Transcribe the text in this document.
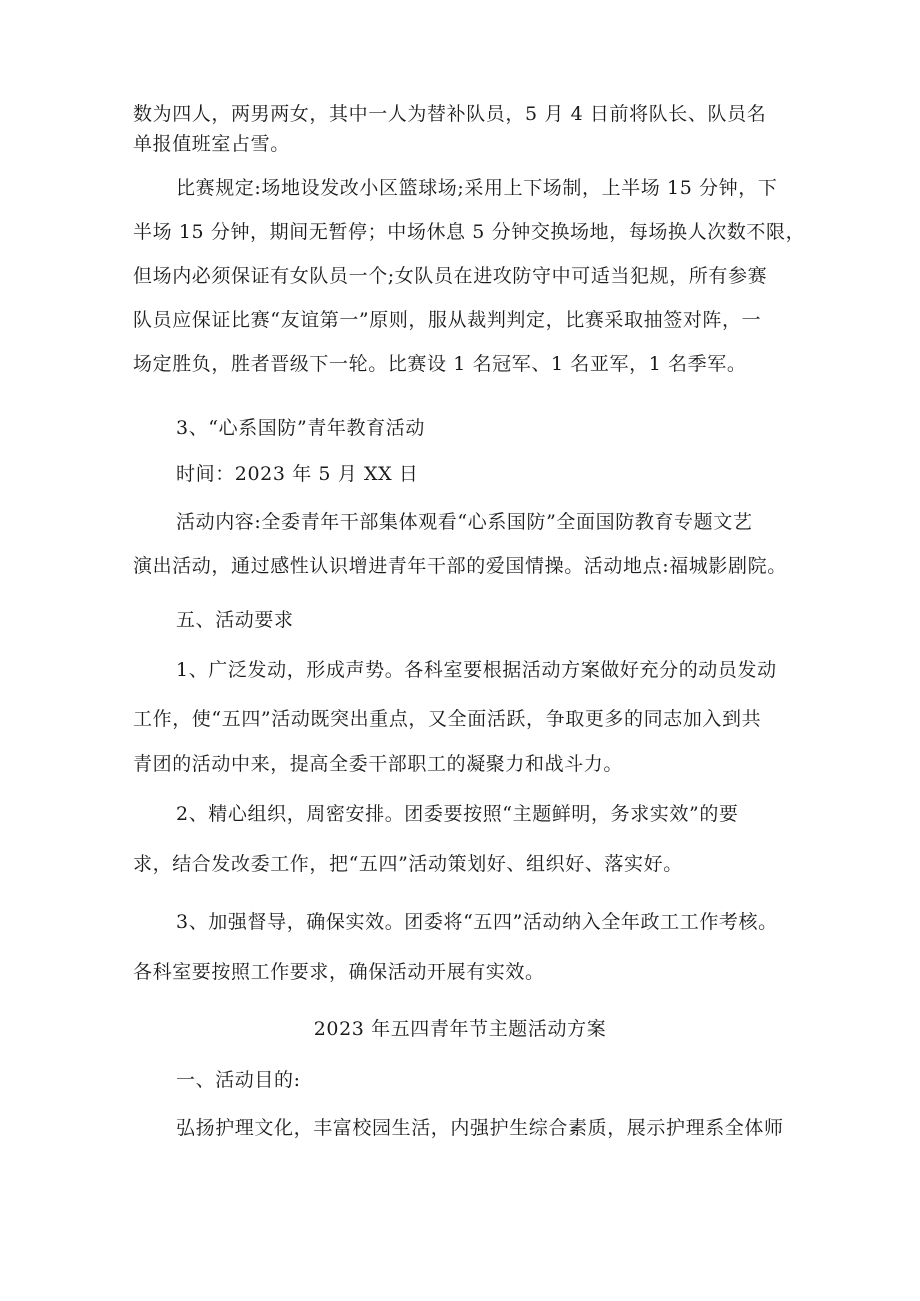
数为四人，两男两女，其中一人为替补队员，5 月 4 日前将队长、队员名
单报值班室占雪。
比赛规定:场地设发改小区篮球场;采用上下场制，上半场 15 分钟，下
半场 15 分钟，期间无暂停；中场休息 5 分钟交换场地，每场换人次数不限，
但场内必须保证有女队员一个;女队员在进攻防守中可适当犯规，所有参赛
队员应保证比赛“友谊第一”原则，服从裁判判定，比赛采取抽签对阵，一
场定胜负，胜者晋级下一轮。比赛设 1 名冠军、1 名亚军，1 名季军。
3、“心系国防”青年教育活动
时间：2023 年 5 月 XX 日
活动内容:全委青年干部集体观看“心系国防”全面国防教育专题文艺
演出活动，通过感性认识增进青年干部的爱国情操。活动地点:福城影剧院。
五、活动要求
1、广泛发动，形成声势。各科室要根据活动方案做好充分的动员发动
工作，使“五四”活动既突出重点，又全面活跃，争取更多的同志加入到共
青团的活动中来，提高全委干部职工的凝聚力和战斗力。
2、精心组织，周密安排。团委要按照“主题鲜明，务求实效”的要
求，结合发改委工作，把“五四”活动策划好、组织好、落实好。
3、加强督导，确保实效。团委将“五四”活动纳入全年政工工作考核。
各科室要按照工作要求，确保活动开展有实效。
2023 年五四青年节主题活动方案
一、活动目的:
弘扬护理文化，丰富校园生活，内强护生综合素质，展示护理系全体师
